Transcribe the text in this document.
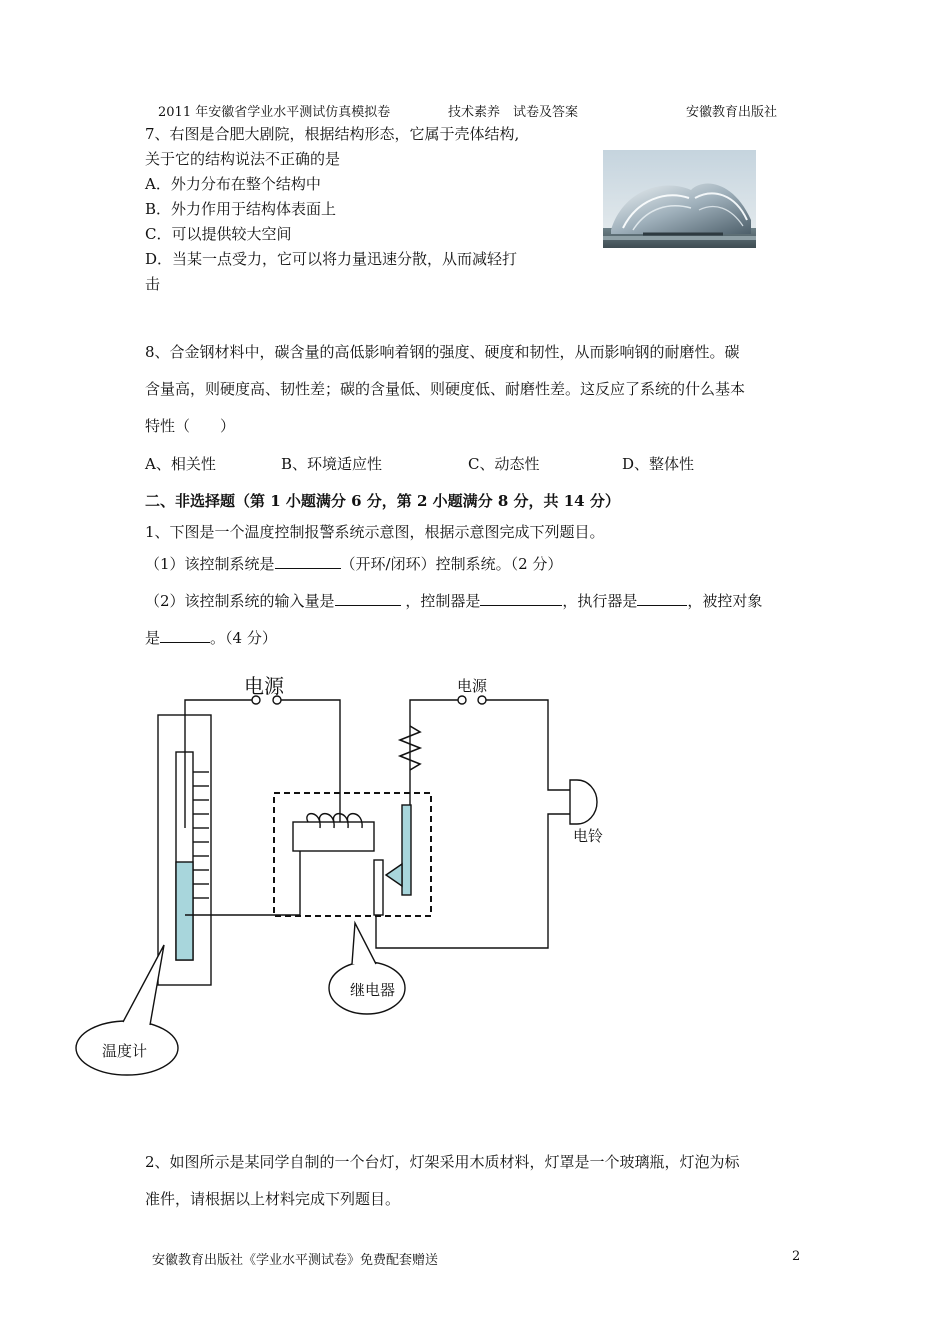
2011 年安徽省学业水平测试仿真模拟卷	技术素养　试卷及答案	安徽教育出版社
7、右图是合肥大剧院，根据结构形态，它属于壳体结构,
关于它的结构说法不正确的是
A．外力分布在整个结构中
B．外力作用于结构体表面上
C．可以提供较大空间
D．当某一点受力，它可以将力量迅速分散，从而减轻打
击
8、合金钢材料中，碳含量的高低影响着钢的强度、硬度和韧性，从而影响钢的耐磨性。碳
含量高，则硬度高、韧性差；碳的含量低、则硬度低、耐磨性差。这反应了系统的什么基本
特性（　　）
A、相关性	B、环境适应性	C、动态性	D、整体性
二、非选择题（第 1 小题满分 6 分，第 2 小题满分 8 分，共 14 分）
1、下图是一个温度控制报警系统示意图，根据示意图完成下列题目。
（1）该控制系统是	（开环/闭环）控制系统。（2 分）
（2）该控制系统的输入量是	，控制器是	，执行器是	，被控对象
是	。（4 分）
电源	电源
电铃
继电器
温度计
2、如图所示是某同学自制的一个台灯，灯架采用木质材料，灯罩是一个玻璃瓶，灯泡为标
准件，请根据以上材料完成下列题目。
安徽教育出版社《学业水平测试卷》免费配套赠送	2
